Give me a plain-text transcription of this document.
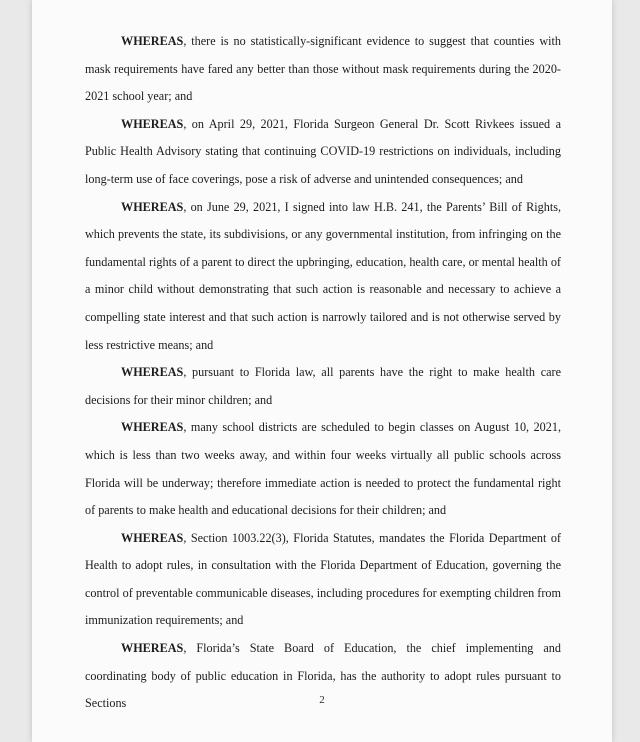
WHEREAS, there is no statistically-significant evidence to suggest that counties with mask requirements have fared any better than those without mask requirements during the 2020-2021 school year; and

WHEREAS, on April 29, 2021, Florida Surgeon General Dr. Scott Rivkees issued a Public Health Advisory stating that continuing COVID-19 restrictions on individuals, including long-term use of face coverings, pose a risk of adverse and unintended consequences; and

WHEREAS, on June 29, 2021, I signed into law H.B. 241, the Parents’ Bill of Rights, which prevents the state, its subdivisions, or any governmental institution, from infringing on the fundamental rights of a parent to direct the upbringing, education, health care, or mental health of a minor child without demonstrating that such action is reasonable and necessary to achieve a compelling state interest and that such action is narrowly tailored and is not otherwise served by less restrictive means; and

WHEREAS, pursuant to Florida law, all parents have the right to make health care decisions for their minor children; and

WHEREAS, many school districts are scheduled to begin classes on August 10, 2021, which is less than two weeks away, and within four weeks virtually all public schools across Florida will be underway; therefore immediate action is needed to protect the fundamental right of parents to make health and educational decisions for their children; and

WHEREAS, Section 1003.22(3), Florida Statutes, mandates the Florida Department of Health to adopt rules, in consultation with the Florida Department of Education, governing the control of preventable communicable diseases, including procedures for exempting children from immunization requirements; and

WHEREAS, Florida’s State Board of Education, the chief implementing and coordinating body of public education in Florida, has the authority to adopt rules pursuant to Sections	2
